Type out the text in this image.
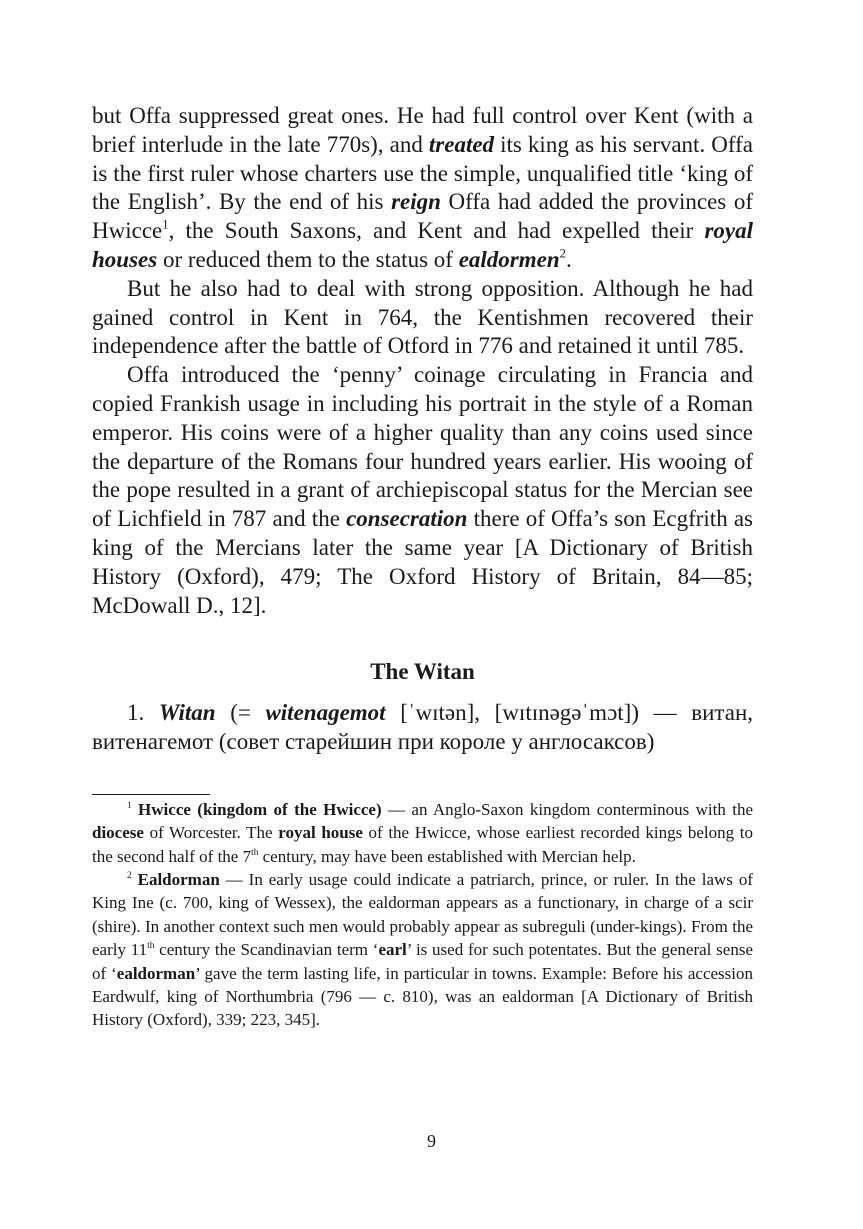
but Offa suppressed great ones. He had full control over Kent (with a brief interlude in the late 770s), and treated its king as his servant. Offa is the first ruler whose charters use the simple, unqualified title ‘king of the English’. By the end of his reign Offa had added the provinces of Hwicce$^1$, the South Saxons, and Kent and had expelled their royal houses or reduced them to the status of ealdormen$^2$.

But he also had to deal with strong opposition. Although he had gained control in Kent in 764, the Kentishmen recovered their independence after the battle of Otford in 776 and retained it until 785.

Offa introduced the ‘penny’ coinage circulating in Francia and copied Frankish usage in including his portrait in the style of a Roman emperor. His coins were of a higher quality than any coins used since the departure of the Romans four hundred years earlier. His wooing of the pope resulted in a grant of archiepiscopal status for the Mercian see of Lichfield in 787 and the consecration there of Offa’s son Ecgfrith as king of the Mercians later the same year [A Dictionary of British History (Oxford), 479; The Oxford History of Britain, 84—85; McDowall D., 12].

The Witan

1. Witan (= witenagemot [ˈwɪtən], [wɪtɪnəgəˈmɔt]) — витан, витенагемот (совет старейшин при короле у англосаксов)

$^1$ Hwicce (kingdom of the Hwicce) — an Anglo-Saxon kingdom conterminous with the diocese of Worcester. The royal house of the Hwicce, whose earliest recorded kings belong to the second half of the 7th century, may have been established with Mercian help.

$^2$ Ealdorman — In early usage could indicate a patriarch, prince, or ruler. In the laws of King Ine (c. 700, king of Wessex), the ealdorman appears as a functionary, in charge of a scir (shire). In another context such men would probably appear as subreguli (under-kings). From the early 11th century the Scandinavian term ‘earl’ is used for such potentates. But the general sense of ‘ealdorman’ gave the term lasting life, in particular in towns. Example: Before his accession Eardwulf, king of Northumbria (796 — c. 810), was an ealdorman [A Dictionary of British History (Oxford), 339; 223, 345].

9
